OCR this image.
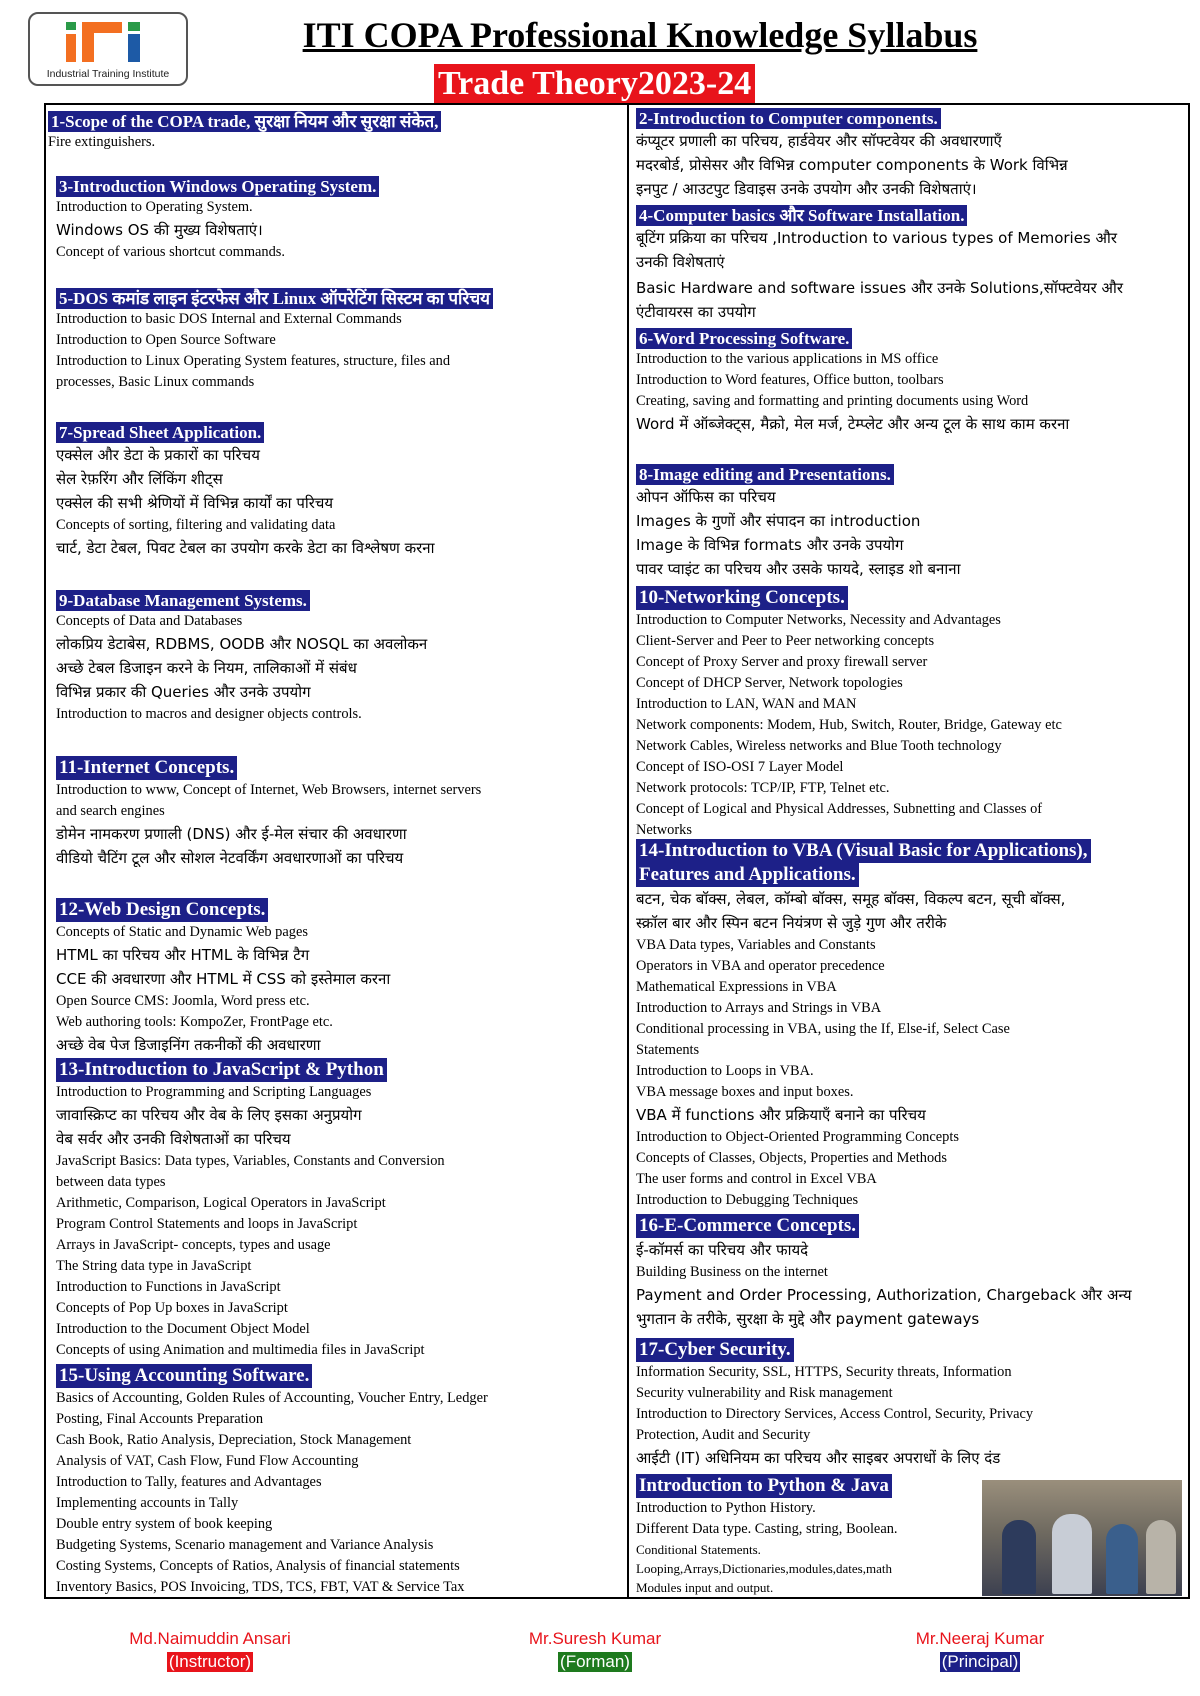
Industrial Training Institute
ITI COPA Professional Knowledge Syllabus
Trade Theory2023-24
1-Scope of the COPA trade, सुरक्षा नियम और सुरक्षा संकेत,
Fire extinguishers.
3-Introduction Windows Operating System.
Introduction to Operating System.
Windows OS की मुख्य विशेषताएं।
Concept of various shortcut commands.
5-DOS कमांड लाइन इंटरफेस और Linux ऑपरेटिंग सिस्टम का परिचय
Introduction to basic DOS Internal and External Commands
Introduction to Open Source Software
Introduction to Linux Operating System features, structure, files and
processes, Basic Linux commands
7-Spread Sheet Application.
एक्सेल और डेटा के प्रकारों का परिचय
सेल रेफ़रिंग और लिंकिंग शीट्स
एक्सेल की सभी श्रेणियों में विभिन्न कार्यों का परिचय
Concepts of sorting, filtering and validating data
चार्ट, डेटा टेबल, पिवट टेबल का उपयोग करके डेटा का विश्लेषण करना
9-Database Management Systems.
Concepts of Data and Databases
लोकप्रिय डेटाबेस, RDBMS, OODB और NOSQL का अवलोकन
अच्छे टेबल डिजाइन करने के नियम, तालिकाओं में संबंध
विभिन्न प्रकार की Queries और उनके उपयोग
Introduction to macros and designer objects controls.
11-Internet Concepts.
Introduction to www, Concept of Internet, Web Browsers, internet servers
and search engines
डोमेन नामकरण प्रणाली (DNS) और ई-मेल संचार की अवधारणा
वीडियो चैटिंग टूल और सोशल नेटवर्किंग अवधारणाओं का परिचय
12-Web Design Concepts.
Concepts of Static and Dynamic Web pages
HTML का परिचय और HTML के विभिन्न टैग
CCE की अवधारणा और HTML में CSS को इस्तेमाल करना
Open Source CMS: Joomla, Word press etc.
Web authoring tools: KompoZer, FrontPage etc.
अच्छे वेब पेज डिजाइनिंग तकनीकों की अवधारणा
13-Introduction to JavaScript & Python
Introduction to Programming and Scripting Languages
जावास्क्रिप्ट का परिचय और वेब के लिए इसका अनुप्रयोग
वेब सर्वर और उनकी विशेषताओं का परिचय
JavaScript Basics: Data types, Variables, Constants and Conversion
between data types
Arithmetic, Comparison, Logical Operators in JavaScript
Program Control Statements and loops in JavaScript
Arrays in JavaScript- concepts, types and usage
The String data type in JavaScript
Introduction to Functions in JavaScript
Concepts of Pop Up boxes in JavaScript
Introduction to the Document Object Model
Concepts of using Animation and multimedia files in JavaScript
15-Using Accounting Software.
Basics of Accounting, Golden Rules of Accounting, Voucher Entry, Ledger
Posting, Final Accounts Preparation
Cash Book, Ratio Analysis, Depreciation, Stock Management
Analysis of VAT, Cash Flow, Fund Flow Accounting
Introduction to Tally, features and Advantages
Implementing accounts in Tally
Double entry system of book keeping
Budgeting Systems, Scenario management and Variance Analysis
Costing Systems, Concepts of Ratios, Analysis of financial statements
Inventory Basics, POS Invoicing, TDS, TCS, FBT, VAT & Service Tax
2-Introduction to Computer components.
कंप्यूटर प्रणाली का परिचय, हार्डवेयर और सॉफ्टवेयर की अवधारणाएँ
मदरबोर्ड, प्रोसेसर और विभिन्न computer components के Work विभिन्न
इनपुट / आउटपुट डिवाइस उनके उपयोग और उनकी विशेषताएं।
4-Computer basics और Software Installation.
बूटिंग प्रक्रिया का परिचय ,Introduction to various types of Memories और
उनकी विशेषताएं
Basic Hardware and software issues और उनके Solutions,सॉफ्टवेयर और
एंटीवायरस का उपयोग
6-Word Processing Software.
Introduction to the various applications in MS office
Introduction to Word features, Office button, toolbars
Creating, saving and formatting and printing documents using Word
Word में ऑब्जेक्ट्स, मैक्रो, मेल मर्ज, टेम्प्लेट और अन्य टूल के साथ काम करना
8-Image editing and Presentations.
ओपन ऑफिस का परिचय
Images के गुणों और संपादन का introduction
Image के विभिन्न formats और उनके उपयोग
पावर प्वाइंट का परिचय और उसके फायदे, स्लाइड शो बनाना
10-Networking Concepts.
Introduction to Computer Networks, Necessity and Advantages
Client-Server and Peer to Peer networking concepts
Concept of Proxy Server and proxy firewall server
Concept of DHCP Server, Network topologies
Introduction to LAN, WAN and MAN
Network components: Modem, Hub, Switch, Router, Bridge, Gateway etc
Network Cables, Wireless networks and Blue Tooth technology
Concept of ISO-OSI 7 Layer Model
Network protocols: TCP/IP, FTP, Telnet etc.
Concept of Logical and Physical Addresses, Subnetting and Classes of
Networks
14-Introduction to VBA (Visual Basic for Applications),
Features and Applications.
बटन, चेक बॉक्स, लेबल, कॉम्बो बॉक्स, समूह बॉक्स, विकल्प बटन, सूची बॉक्स,
स्क्रॉल बार और स्पिन बटन नियंत्रण से जुड़े गुण और तरीके
VBA Data types, Variables and Constants
Operators in VBA and operator precedence
Mathematical Expressions in VBA
Introduction to Arrays and Strings in VBA
Conditional processing in VBA, using the If, Else-if, Select Case
Statements
Introduction to Loops in VBA.
VBA message boxes and input boxes.
VBA में functions और प्रक्रियाएँ बनाने का परिचय
Introduction to Object-Oriented Programming Concepts
Concepts of Classes, Objects, Properties and Methods
The user forms and control in Excel VBA
Introduction to Debugging Techniques
16-E-Commerce Concepts.
ई-कॉमर्स का परिचय और फायदे
Building Business on the internet
Payment and Order Processing, Authorization, Chargeback और अन्य
भुगतान के तरीके, सुरक्षा के मुद्दे और payment gateways
17-Cyber Security.
Information Security, SSL, HTTPS, Security threats, Information
Security vulnerability and Risk management
Introduction to Directory Services, Access Control, Security, Privacy
Protection, Audit and Security
आईटी (IT) अधिनियम का परिचय और साइबर अपराधों के लिए दंड
Introduction to Python & Java
Introduction to Python History.
Different Data type. Casting, string, Boolean.
Conditional Statements.
Looping,Arrays,Dictionaries,modules,dates,math
Modules input and output.
Md.Naimuddin Ansari
(Instructor)
Mr.Suresh Kumar
(Forman)
Mr.Neeraj Kumar
(Principal)
